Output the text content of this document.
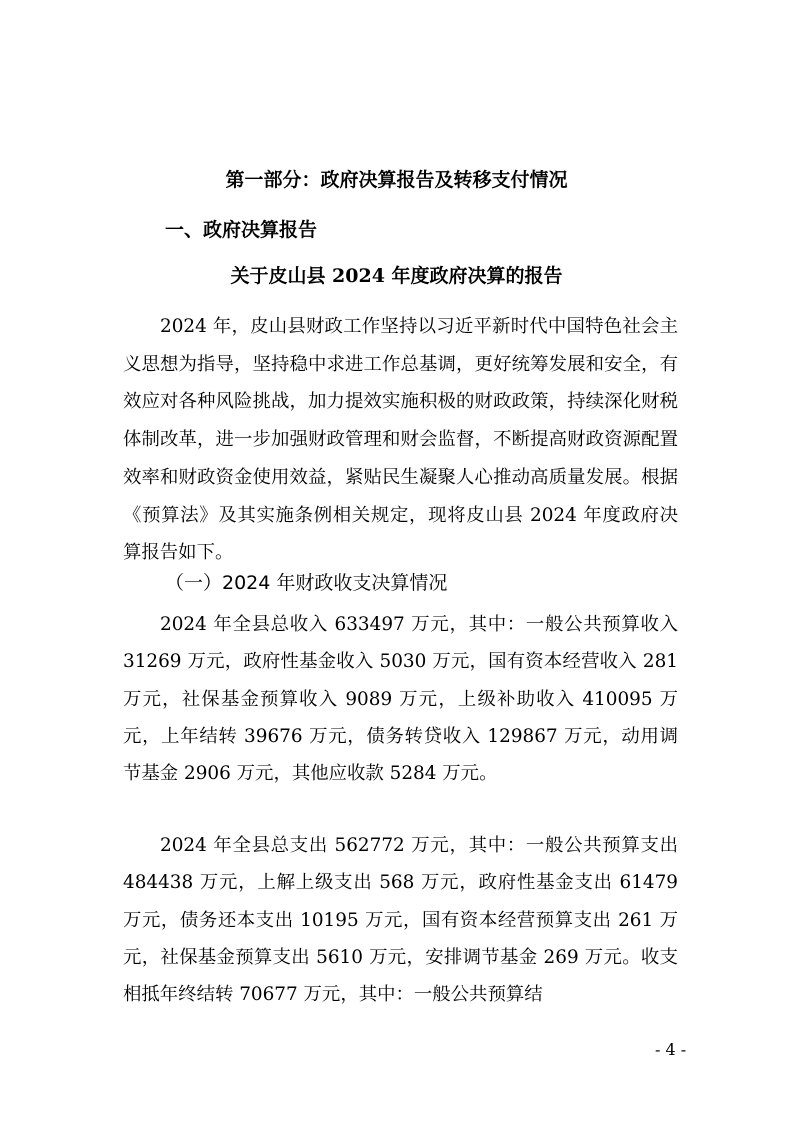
第一部分：政府决算报告及转移支付情况
一、政府决算报告
关于皮山县 2024 年度政府决算的报告

2024 年，皮山县财政工作坚持以习近平新时代中国特色社会主义思想为指导，坚持稳中求进工作总基调，更好统筹发展和安全，有效应对各种风险挑战，加力提效实施积极的财政政策，持续深化财税体制改革，进一步加强财政管理和财会监督，不断提高财政资源配置效率和财政资金使用效益，紧贴民生凝聚人心推动高质量发展。根据《预算法》及其实施条例相关规定，现将皮山县 2024 年度政府决算报告如下。

（一）2024 年财政收支决算情况

2024 年全县总收入 633497 万元，其中：一般公共预算收入 31269 万元，政府性基金收入 5030 万元，国有资本经营收入 281 万元，社保基金预算收入 9089 万元，上级补助收入 410095 万元，上年结转 39676 万元，债务转贷收入 129867 万元，动用调节基金 2906 万元，其他应收款 5284 万元。

2024 年全县总支出 562772 万元，其中：一般公共预算支出 484438 万元，上解上级支出 568 万元，政府性基金支出 61479 万元，债务还本支出 10195 万元，国有资本经营预算支出 261 万元，社保基金预算支出 5610 万元，安排调节基金 269 万元。收支相抵年终结转 70677 万元，其中：一般公共预算结

- 4 -
